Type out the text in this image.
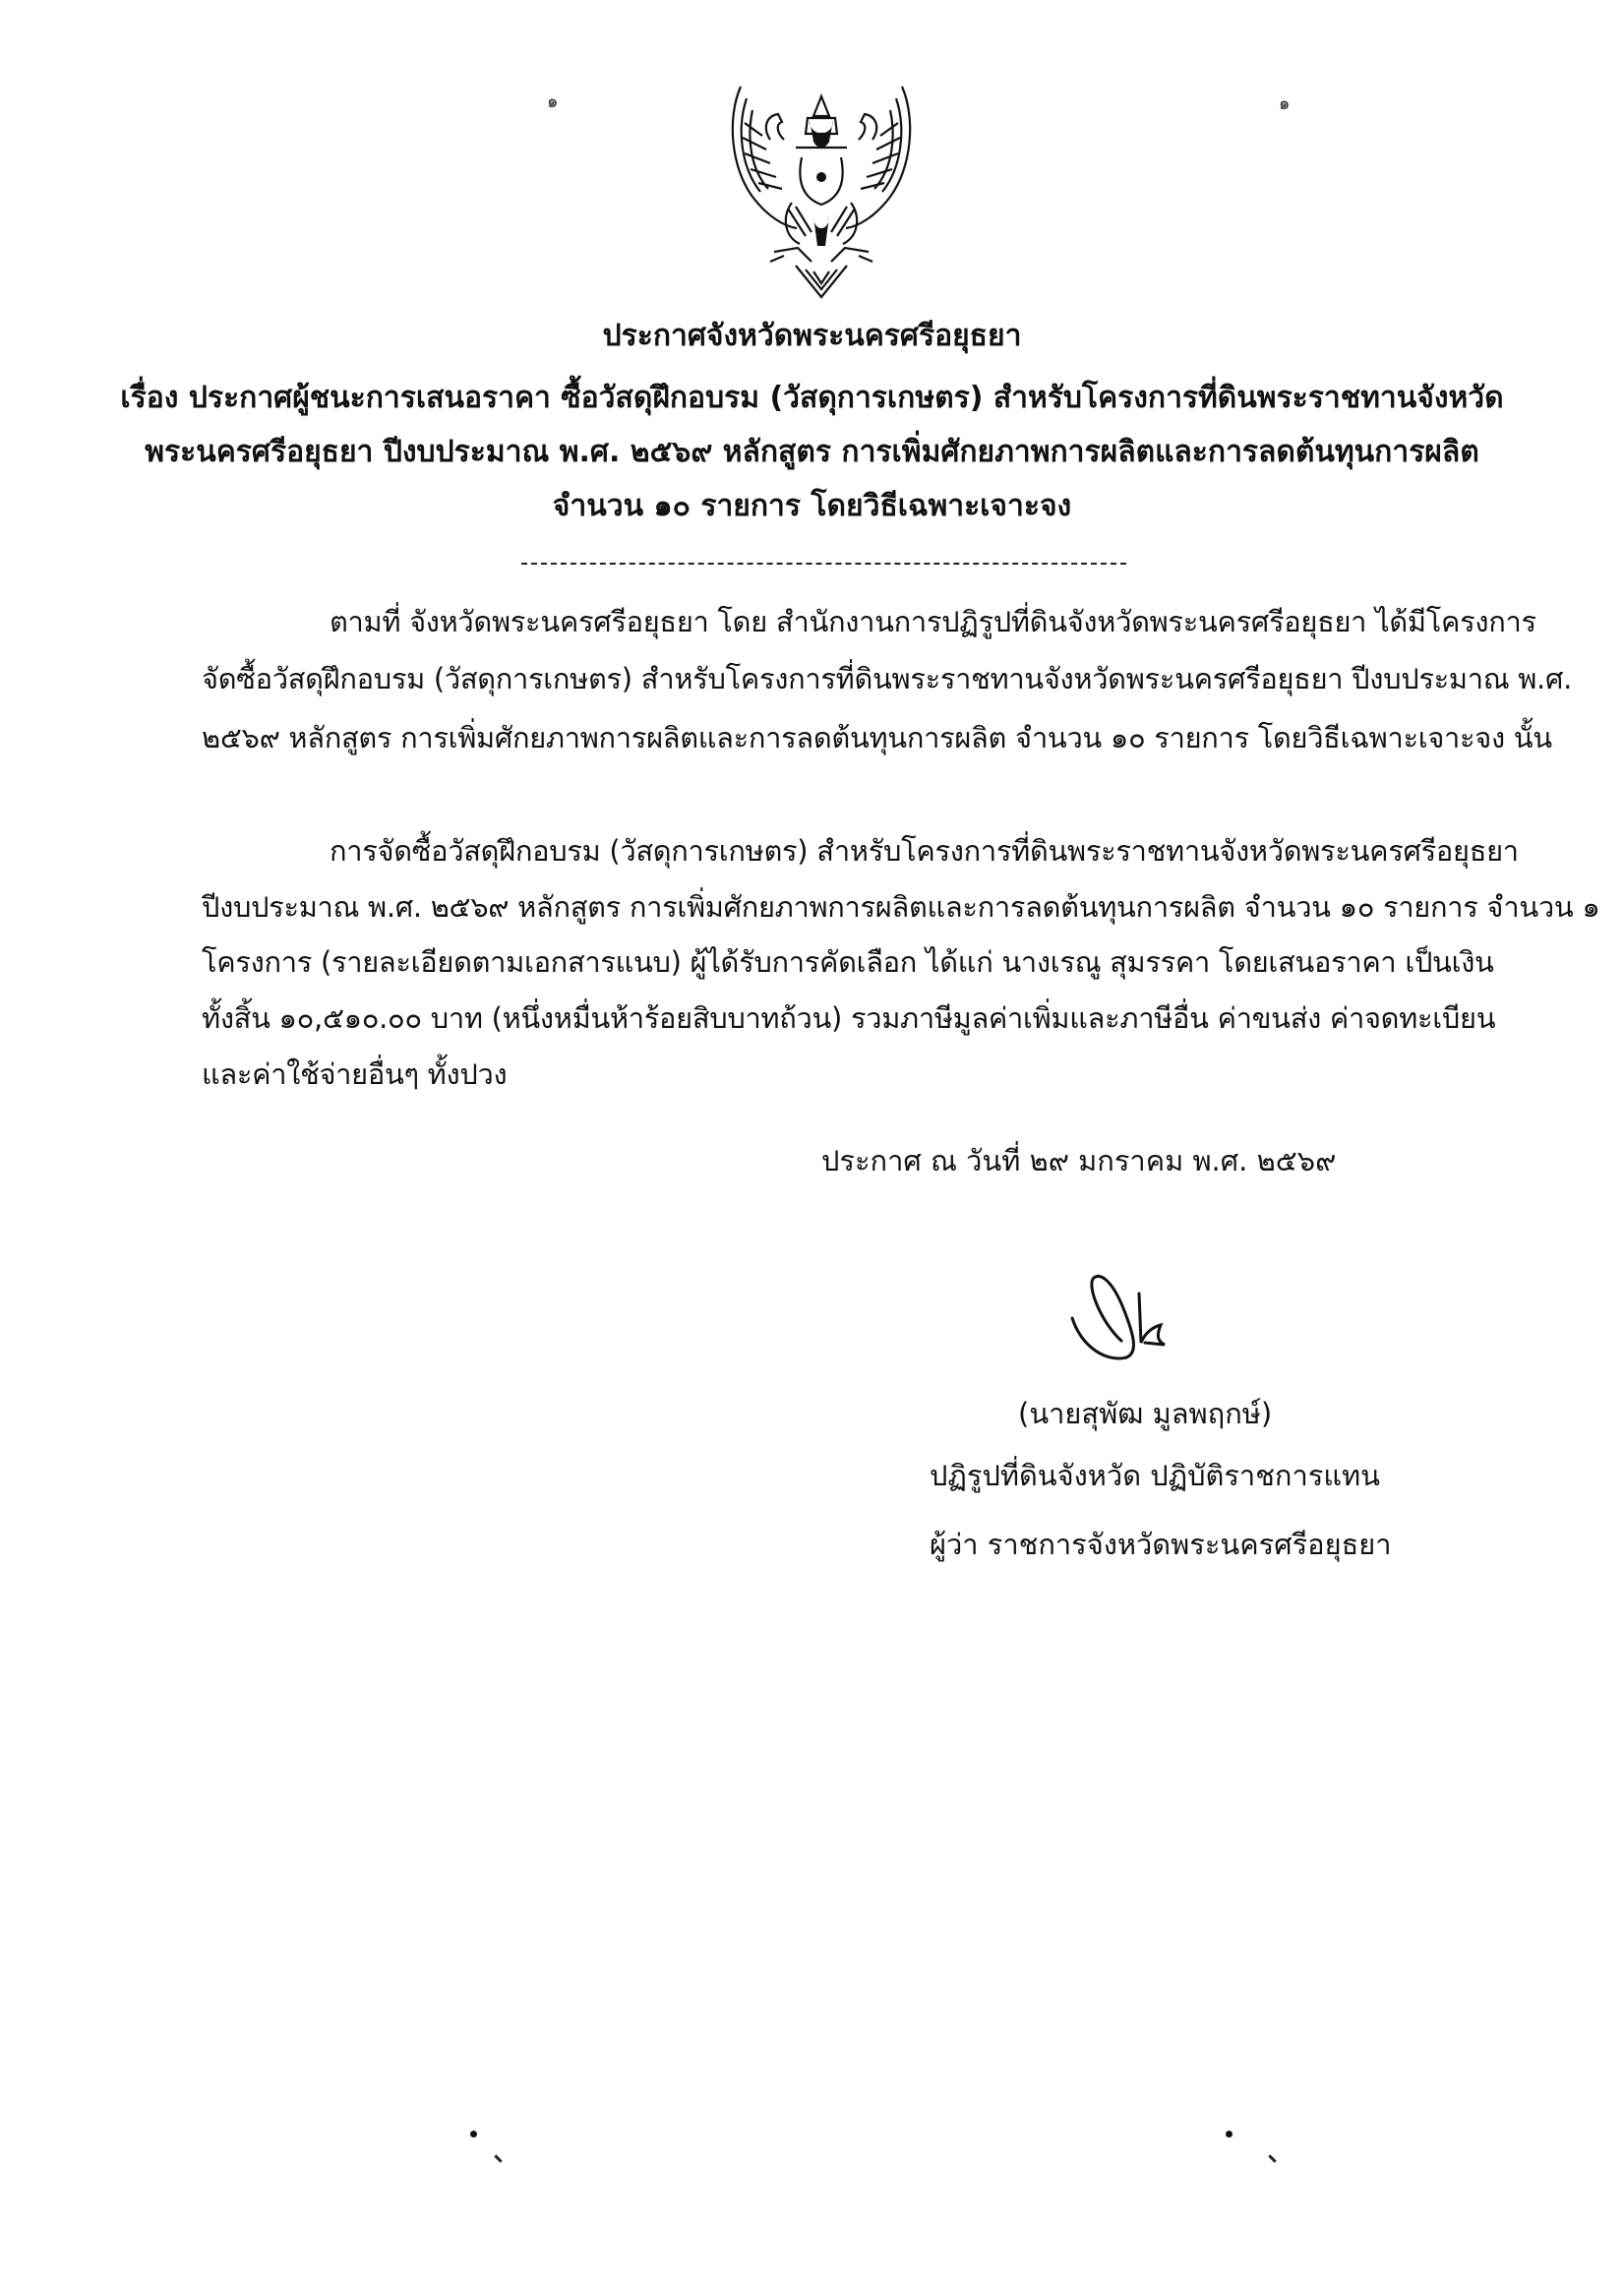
๑	๑
ประกาศจังหวัดพระนครศรีอยุธยา
เรื่อง ประกาศผู้ชนะการเสนอราคา ซื้อวัสดุฝึกอบรม (วัสดุการเกษตร) สำหรับโครงการที่ดินพระราชทานจังหวัด
พระนครศรีอยุธยา ปีงบประมาณ พ.ศ. ๒๕๖๙ หลักสูตร การเพิ่มศักยภาพการผลิตและการลดต้นทุนการผลิต
จำนวน ๑๐ รายการ โดยวิธีเฉพาะเจาะจง
ตามที่ จังหวัดพระนครศรีอยุธยา โดย สำนักงานการปฏิรูปที่ดินจังหวัดพระนครศรีอยุธยา ได้มีโครงการ
จัดซื้อวัสดุฝึกอบรม (วัสดุการเกษตร) สำหรับโครงการที่ดินพระราชทานจังหวัดพระนครศรีอยุธยา ปีงบประมาณ พ.ศ.
๒๕๖๙ หลักสูตร การเพิ่มศักยภาพการผลิตและการลดต้นทุนการผลิต จำนวน ๑๐ รายการ โดยวิธีเฉพาะเจาะจง นั้น
การจัดซื้อวัสดุฝึกอบรม (วัสดุการเกษตร) สำหรับโครงการที่ดินพระราชทานจังหวัดพระนครศรีอยุธยา
ปีงบประมาณ พ.ศ. ๒๕๖๙ หลักสูตร การเพิ่มศักยภาพการผลิตและการลดต้นทุนการผลิต จำนวน ๑๐ รายการ จำนวน ๑
โครงการ (รายละเอียดตามเอกสารแนบ) ผู้ได้รับการคัดเลือก ได้แก่ นางเรณู สุมรรคา โดยเสนอราคา เป็นเงิน
ทั้งสิ้น ๑๐,๕๑๐.๐๐ บาท (หนึ่งหมื่นห้าร้อยสิบบาทถ้วน) รวมภาษีมูลค่าเพิ่มและภาษีอื่น ค่าขนส่ง ค่าจดทะเบียน
และค่าใช้จ่ายอื่นๆ ทั้งปวง
ประกาศ ณ วันที่ ๒๙ มกราคม พ.ศ. ๒๕๖๙
(นายสุพัฒ มูลพฤกษ์)
ปฏิรูปที่ดินจังหวัด ปฏิบัติราชการแทน
ผู้ว่า ราชการจังหวัดพระนครศรีอยุธยา
